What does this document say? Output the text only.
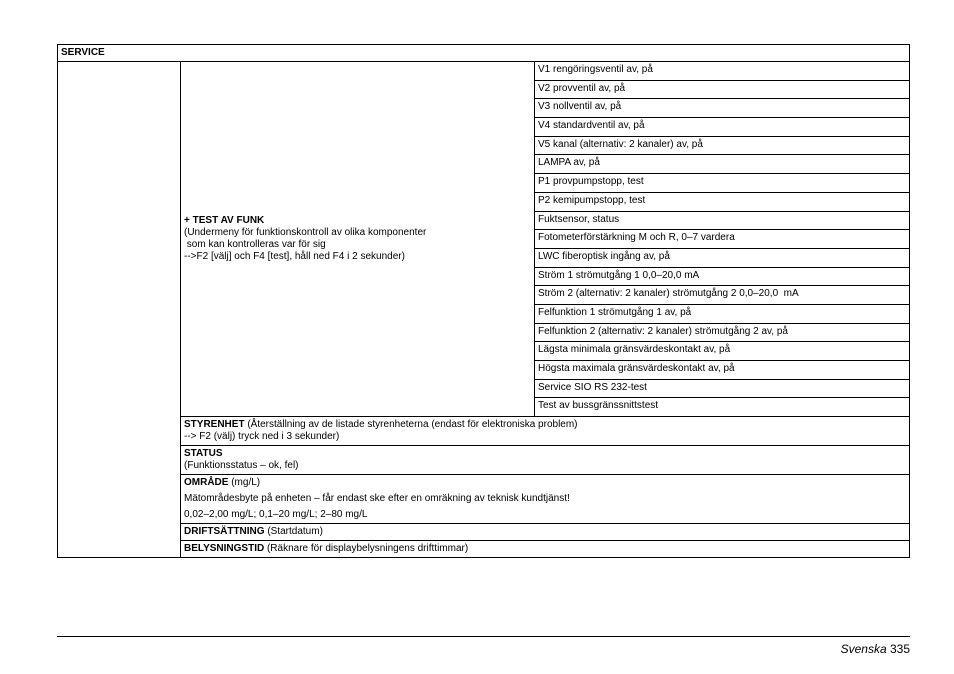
SERVICE

+ TEST AV FUNK
(Undermeny för funktionskontroll av olika komponenter
som kan kontrolleras var för sig
-->F2 [välj] och F4 [test], håll ned F4 i 2 sekunder)
	V1 rengöringsventil av, på
V2 provventil av, på
V3 nollventil av, på
V4 standardventil av, på
V5 kanal (alternativ: 2 kanaler) av, på
LAMPA av, på
P1 provpumpstopp, test
P2 kemipumpstopp, test
Fuktsensor, status
Fotometerförstärkning M och R, 0–7 vardera
LWC fiberoptisk ingång av, på
Ström 1 strömutgång 1 0,0–20,0 mA
Ström 2 (alternativ: 2 kanaler) strömutgång 2 0,0–20,0  mA
Felfunktion 1 strömutgång 1 av, på
Felfunktion 2 (alternativ: 2 kanaler) strömutgång 2 av, på
Lägsta minimala gränsvärdeskontakt av, på
Högsta maximala gränsvärdeskontakt av, på
Service SIO RS 232-test
Test av bussgränssnittstest
STYRENHET (Återställning av de listade styrenheterna (endast för elektroniska problem)
--> F2 (välj) tryck ned i 3 sekunder)

STATUS
(Funktionsstatus – ok, fel)

OMRÅDE (mg/L)
Mätområdesbyte på enheten – får endast ske efter en omräkning av teknisk kundtjänst!
0,02–2,00 mg/L; 0,1–20 mg/L; 2–80 mg/L

DRIFTSÄTTNING (Startdatum)
BELYSNINGSTID (Räknare för displaybelysningens drifttimmar)
Svenska 335
